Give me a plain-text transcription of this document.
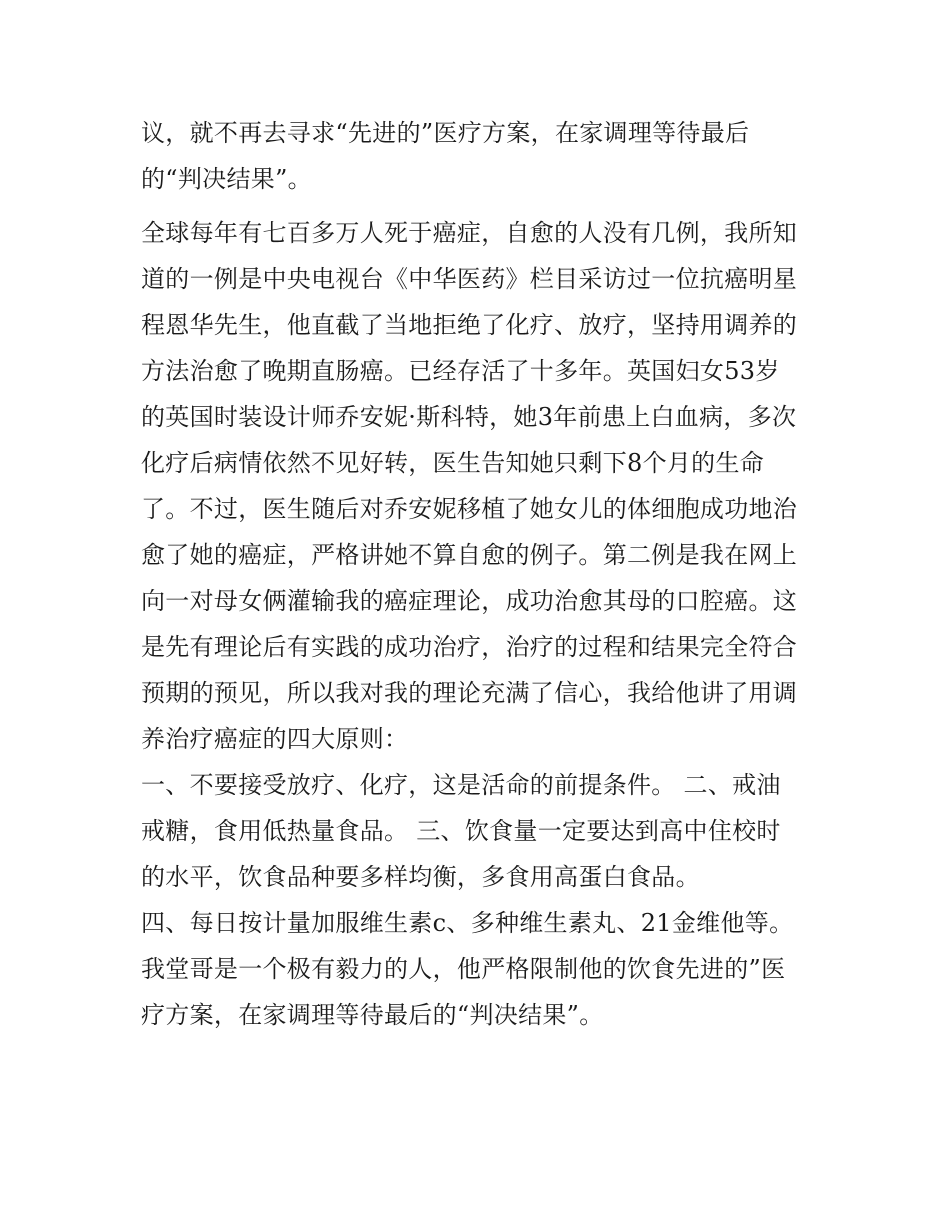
议，就不再去寻求“先进的”医疗方案，在家调理等待最后
的“判决结果”。
全球每年有七百多万人死于癌症，自愈的人没有几例，我所知
道的一例是中央电视台《中华医药》栏目采访过一位抗癌明星
程恩华先生，他直截了当地拒绝了化疗、放疗，坚持用调养的
方法治愈了晚期直肠癌。已经存活了十多年。英国妇女53岁
的英国时装设计师乔安妮·斯科特，她3年前患上白血病，多次
化疗后病情依然不见好转，医生告知她只剩下8个月的生命
了。不过，医生随后对乔安妮移植了她女儿的体细胞成功地治
愈了她的癌症，严格讲她不算自愈的例子。第二例是我在网上
向一对母女俩灌输我的癌症理论，成功治愈其母的口腔癌。这
是先有理论后有实践的成功治疗，治疗的过程和结果完全符合
预期的预见，所以我对我的理论充满了信心，我给他讲了用调
养治疗癌症的四大原则：
一、不要接受放疗、化疗，这是活命的前提条件。 二、戒油
戒糖，食用低热量食品。 三、饮食量一定要达到高中住校时
的水平，饮食品种要多样均衡，多食用高蛋白食品。
四、每日按计量加服维生素c、多种维生素丸、21金维他等。
我堂哥是一个极有毅力的人，他严格限制他的饮食先进的”医
疗方案，在家调理等待最后的“判决结果”。
